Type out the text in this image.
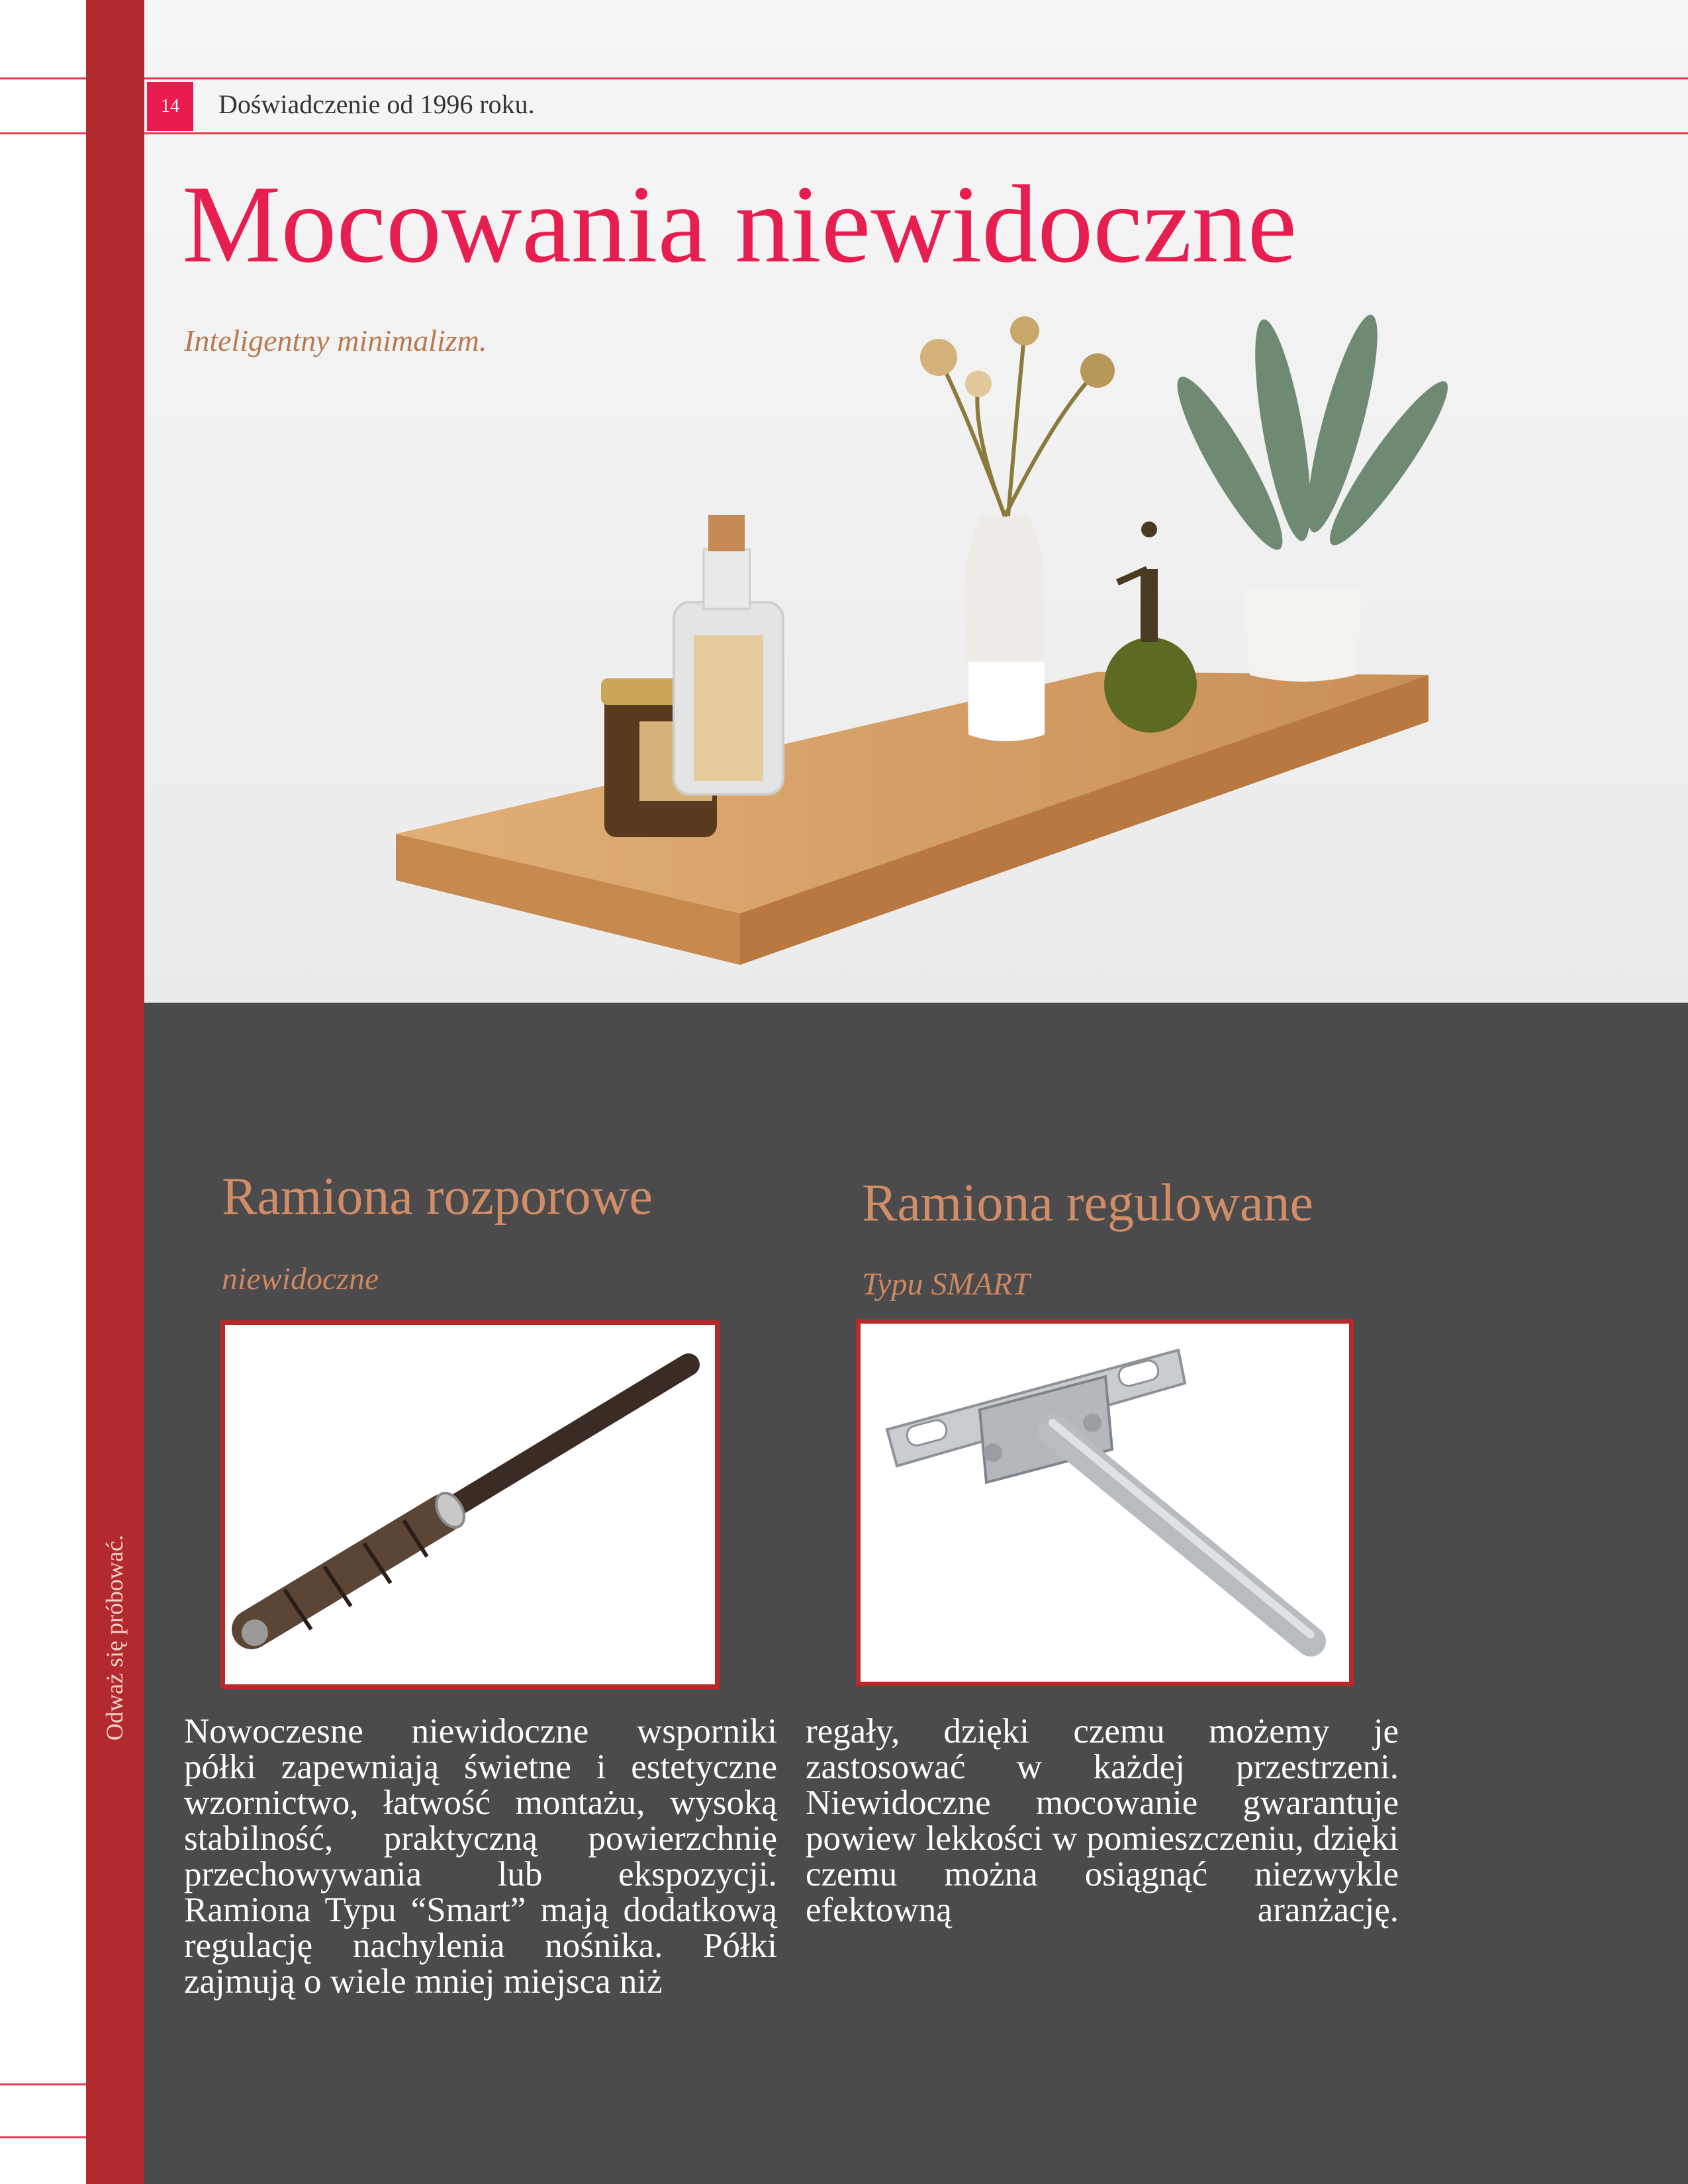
14	Doświadczenie od 1996 roku.
Mocowania niewidoczne
Inteligentny minimalizm.
Odważ się próbować.
Ramiona rozporowe
niewidoczne
Ramiona regulowane
Typu SMART
Nowoczesne niewidoczne wsporniki półki zapewniają świetne i estetyczne wzornictwo, łatwość montażu, wysoką stabilność, praktyczną powierzchnię przechowywania lub ekspozycji. Ramiona Typu “Smart” mają dodatkową regulację nachylenia nośnika. Półki zajmują o wiele mniej miejsca niż
regały, dzięki czemu możemy je zastosować w każdej przestrzeni. Niewidoczne mocowanie gwarantuje powiew lekkości w pomieszczeniu, dzięki czemu można osiągnąć niezwykle efektowną aranżację.
